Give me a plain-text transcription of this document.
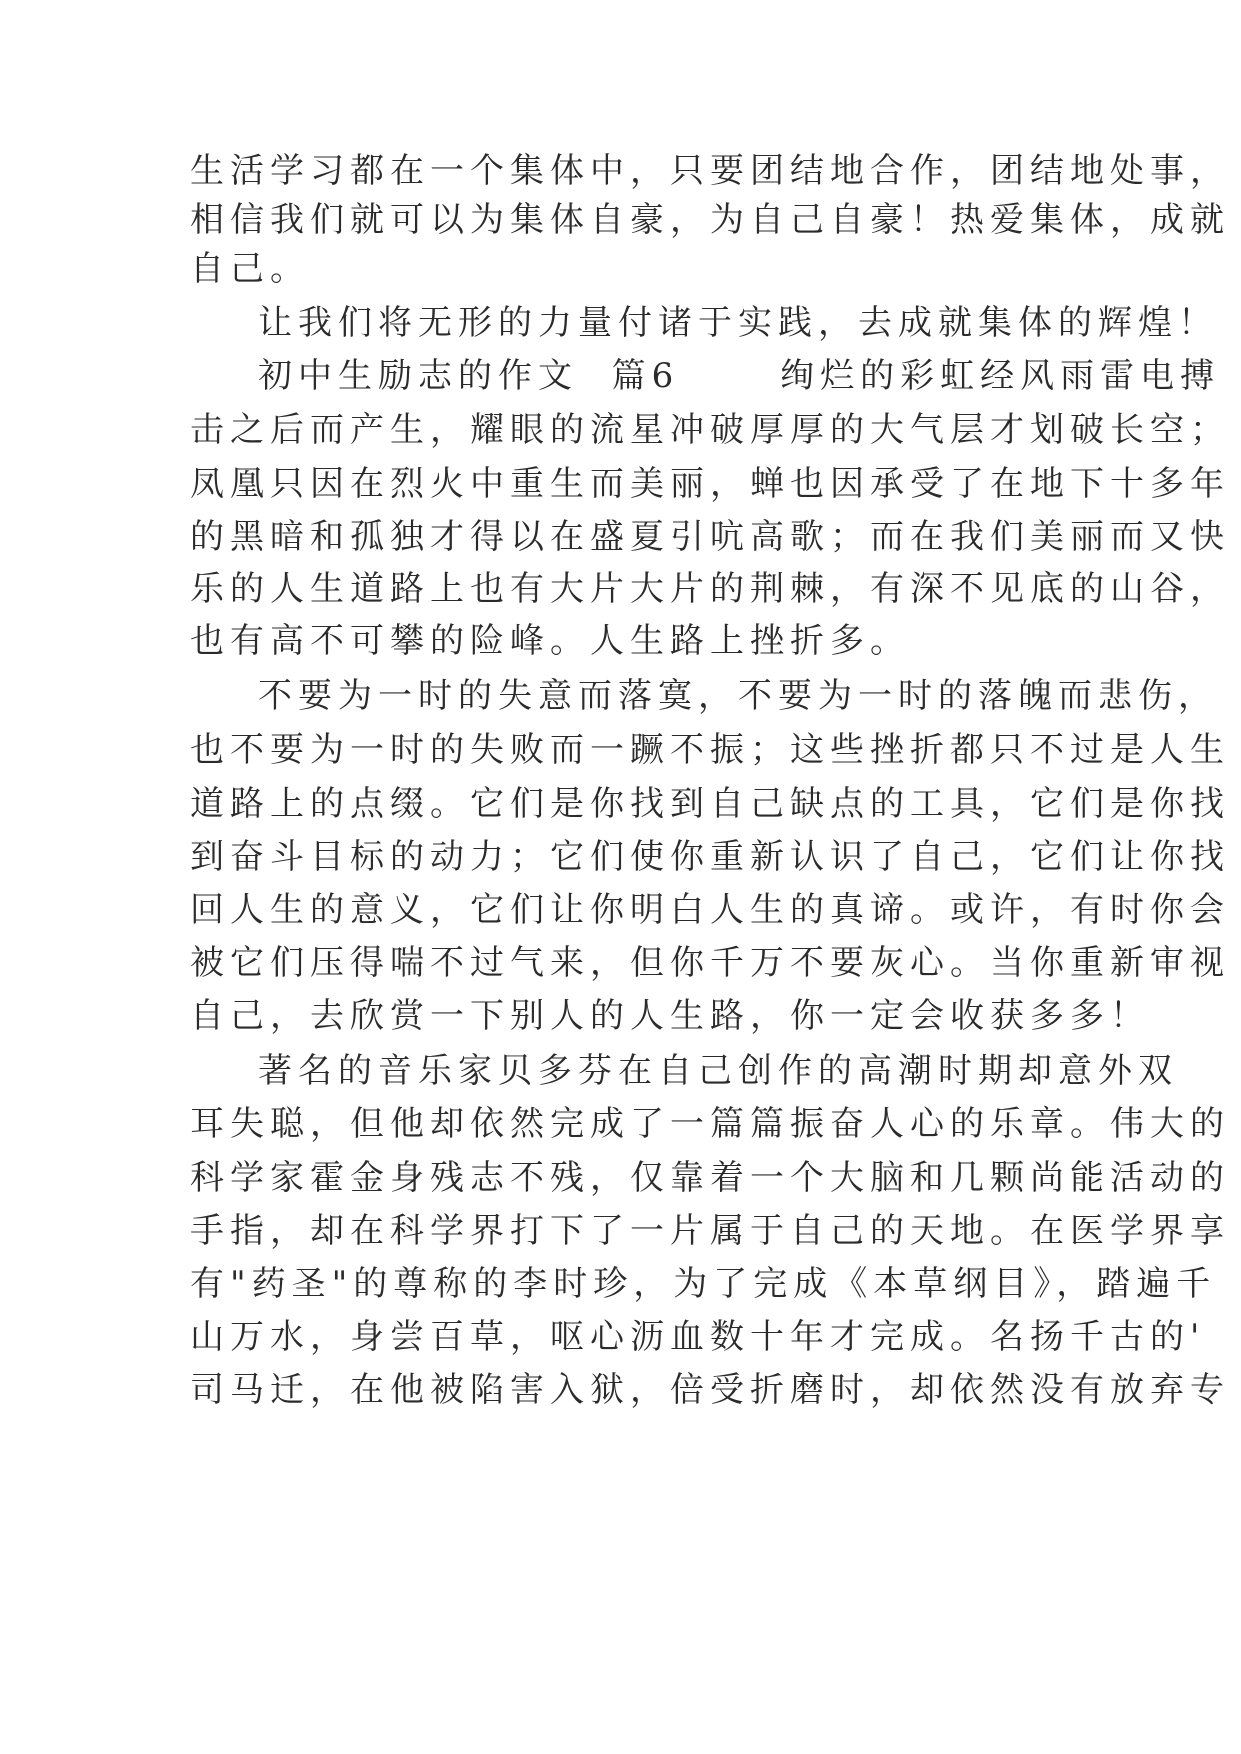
生活学习都在一个集体中，只要团结地合作，团结地处事，
相信我们就可以为集体自豪，为自己自豪！热爱集体，成就
自己。
让我们将无形的力量付诸于实践，去成就集体的辉煌！
初中生励志的作文  篇6      绚烂的彩虹经风雨雷电搏
击之后而产生，耀眼的流星冲破厚厚的大气层才划破长空；
凤凰只因在烈火中重生而美丽，蝉也因承受了在地下十多年
的黑暗和孤独才得以在盛夏引吭高歌；而在我们美丽而又快
乐的人生道路上也有大片大片的荆棘，有深不见底的山谷，
也有高不可攀的险峰。人生路上挫折多。
不要为一时的失意而落寞，不要为一时的落魄而悲伤，
也不要为一时的失败而一蹶不振；这些挫折都只不过是人生
道路上的点缀。它们是你找到自己缺点的工具，它们是你找
到奋斗目标的动力；它们使你重新认识了自己，它们让你找
回人生的意义，它们让你明白人生的真谛。或许，有时你会
被它们压得喘不过气来，但你千万不要灰心。当你重新审视
自己，去欣赏一下别人的人生路，你一定会收获多多！
著名的音乐家贝多芬在自己创作的高潮时期却意外双
耳失聪，但他却依然完成了一篇篇振奋人心的乐章。伟大的
科学家霍金身残志不残，仅靠着一个大脑和几颗尚能活动的
手指，却在科学界打下了一片属于自己的天地。在医学界享
有"药圣"的尊称的李时珍，为了完成《本草纲目》，踏遍千
山万水，身尝百草，呕心沥血数十年才完成。名扬千古的'
司马迁，在他被陷害入狱，倍受折磨时，却依然没有放弃专
